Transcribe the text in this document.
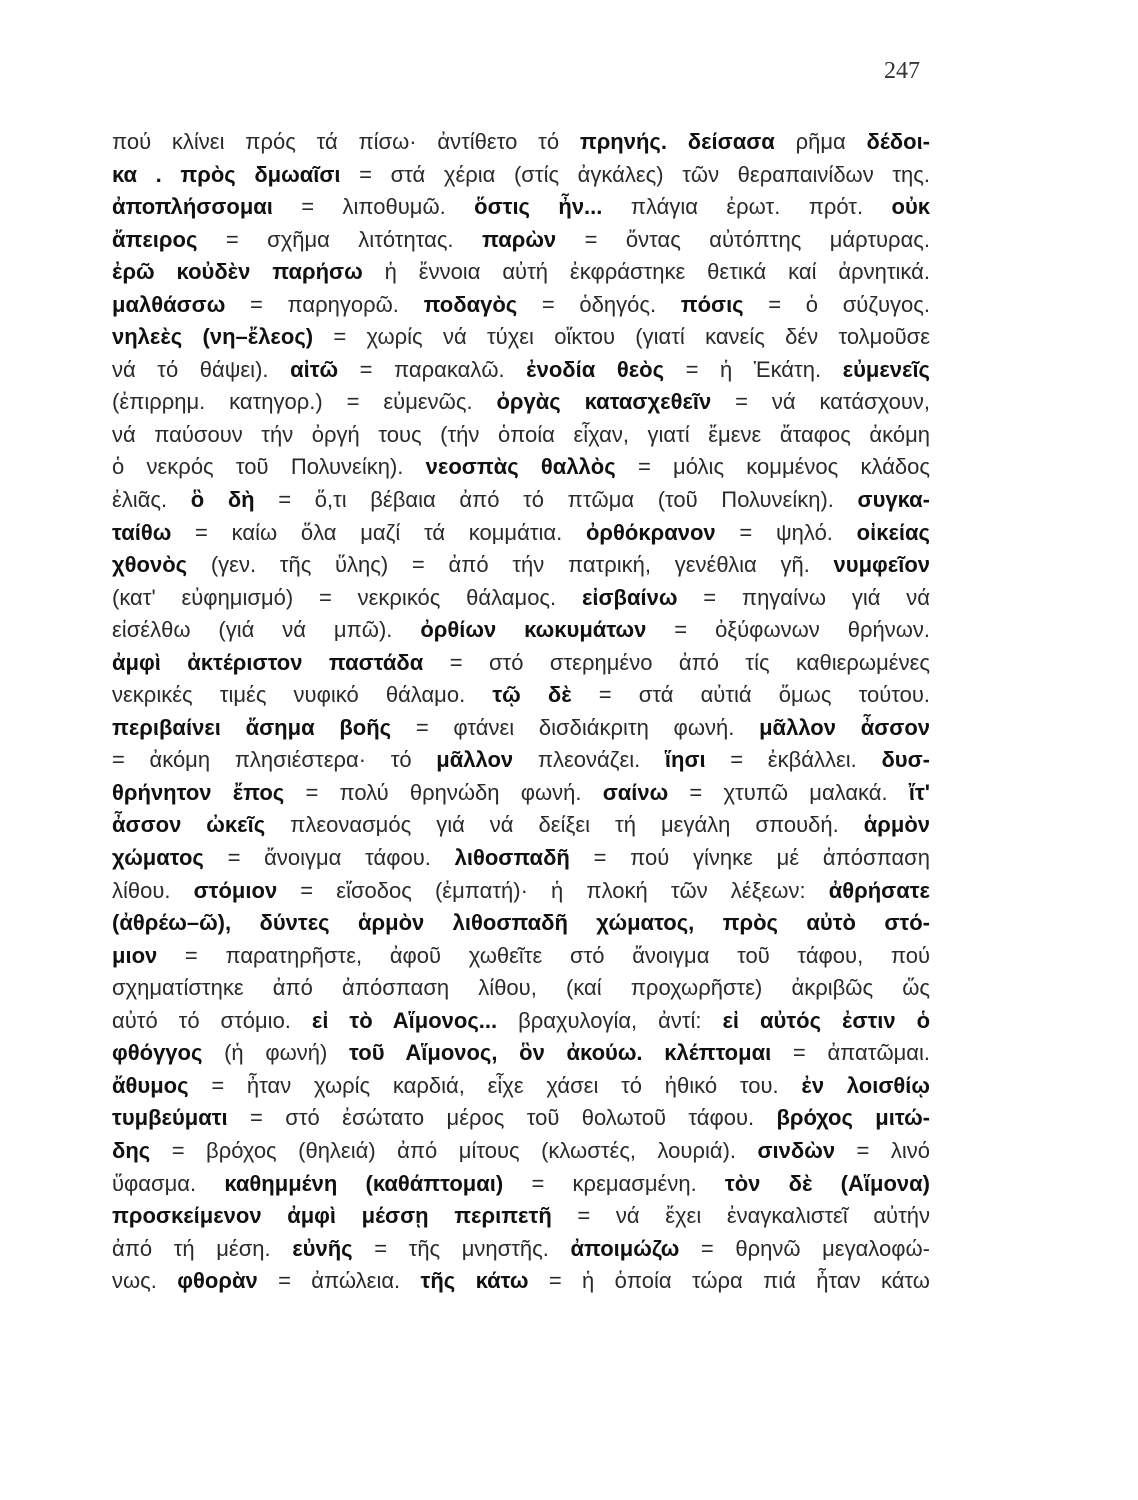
247
πού κλίνει πρός τά πίσω· ἀντίθετο τό πρηνής. δείσασα ρῆμα δέδοι-
κα . πρὸς δμωαῖσι = στά χέρια (στίς ἀγκάλες) τῶν θεραπαινίδων της.
ἀποπλήσσομαι = λιποθυμῶ. ὅστις ἦν... πλάγια ἐρωτ. πρότ. οὐκ
ἄπειρος = σχῆμα λιτότητας. παρὼν = ὄντας αὐτόπτης μάρτυρας.
ἐρῶ κοὐδὲν παρήσω ἡ ἔννοια αὐτή ἐκφράστηκε θετικά καί ἀρνητικά.
μαλθάσσω = παρηγορῶ. ποδαγὸς = ὁδηγός. πόσις = ὁ σύζυγος.
νηλεὲς (νη–ἔλεος) = χωρίς νά τύχει οἴκτου (γιατί κανείς δέν τολμοῦσε
νά τό θάψει). αἰτῶ = παρακαλῶ. ἐνοδία θεὸς = ἡ Ἑκάτη. εὐμενεῖς
(ἐπιρρημ. κατηγορ.) = εὐμενῶς. ὀργὰς κατασχεθεῖν = νά κατάσχουν,
νά παύσουν τήν ὀργή τους (τήν ὁποία εἶχαν, γιατί ἔμενε ἄταφος ἀκόμη
ὁ νεκρός τοῦ Πολυνείκη). νεοσπὰς θαλλὸς = μόλις κομμένος κλάδος
ἐλιᾶς. ὃ δὴ = ὅ,τι βέβαια ἀπό τό πτῶμα (τοῦ Πολυνείκη). συγκα-
ταίθω = καίω ὅλα μαζί τά κομμάτια. ὀρθόκρανον = ψηλό. οἰκείας
χθονὸς (γεν. τῆς ὕλης) = ἀπό τήν πατρική, γενέθλια γῆ. νυμφεῖον
(κατ' εὐφημισμό) = νεκρικός θάλαμος. εἰσβαίνω = πηγαίνω γιά νά
εἰσέλθω (γιά νά μπῶ). ὀρθίων κωκυμάτων = ὀξύφωνων θρήνων.
ἀμφὶ ἀκτέριστον παστάδα = στό στερημένο ἀπό τίς καθιερωμένες
νεκρικές τιμές νυφικό θάλαμο. τῷ δὲ = στά αὐτιά ὅμως τούτου.
περιβαίνει ἄσημα βοῆς = φτάνει δισδιάκριτη φωνή. μᾶλλον ἆσσον
= ἀκόμη πλησιέστερα· τό μᾶλλον πλεονάζει. ἵησι = ἐκβάλλει. δυσ-
θρήνητον ἔπος = πολύ θρηνώδη φωνή. σαίνω = χτυπῶ μαλακά. ἴτ'
ἆσσον ὠκεῖς πλεονασμός γιά νά δείξει τή μεγάλη σπουδή. ἁρμὸν
χώματος = ἄνοιγμα τάφου. λιθοσπαδῆ = πού γίνηκε μέ ἀπόσπαση
λίθου. στόμιον = εἴσοδος (ἐμπατή)· ἡ πλοκή τῶν λέξεων: ἀθρήσατε
(ἀθρέω–ῶ), δύντες ἁρμὸν λιθοσπαδῆ χώματος, πρὸς αὐτὸ στό-
μιον = παρατηρῆστε, ἀφοῦ χωθεῖτε στό ἄνοιγμα τοῦ τάφου, πού
σχηματίστηκε ἀπό ἀπόσπαση λίθου, (καί προχωρῆστε) ἀκριβῶς ὥς
αὐτό τό στόμιο. εἰ τὸ Αἵμονος... βραχυλογία, ἀντί: εἰ αὐτός ἐστιν ὁ
φθόγγος (ἡ φωνή) τοῦ Αἵμονος, ὃν ἀκούω. κλέπτομαι = ἀπατῶμαι.
ἄθυμος = ἦταν χωρίς καρδιά, εἶχε χάσει τό ἠθικό του. ἐν λοισθίῳ
τυμβεύματι = στό ἐσώτατο μέρος τοῦ θολωτοῦ τάφου. βρόχος μιτώ-
δης = βρόχος (θηλειά) ἀπό μίτους (κλωστές, λουριά). σινδὼν = λινό
ὕφασμα. καθημμένη (καθάπτομαι) = κρεμασμένη. τὸν δὲ (Αἵμονα)
προσκείμενον ἀμφὶ μέσσῃ περιπετῆ = νά ἔχει ἐναγκαλιστεῖ αὐτήν
ἀπό τή μέση. εὐνῆς = τῆς μνηστῆς. ἀποιμώζω = θρηνῶ μεγαλοφώ-
νως. φθορὰν = ἀπώλεια. τῆς κάτω = ἡ ὁποία τώρα πιά ἦταν κάτω
